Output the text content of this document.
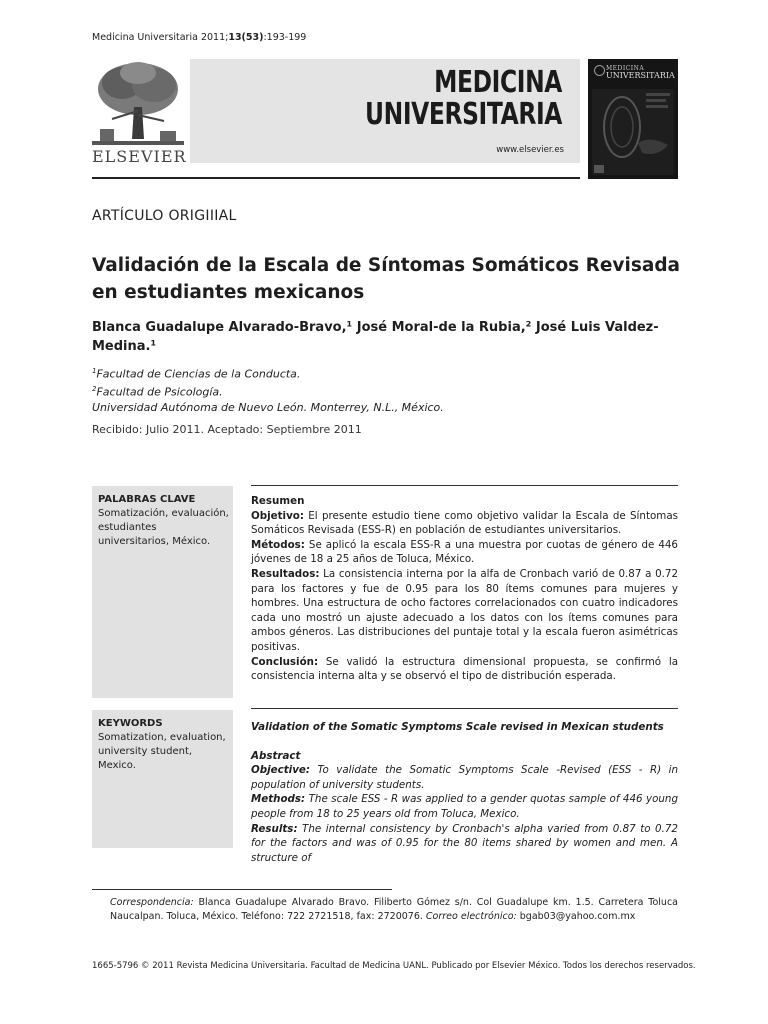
Medicina Universitaria 2011;13(53):193-199
ELSEVIER
MEDICINA
UNIVERSITARIA
www.elsevier.es
MEDICINA
UNIVERSITARIA
ARTÍCULO ORIGIIIAL
Validación de la Escala de Síntomas Somáticos Revisada en estudiantes mexicanos
Blanca Guadalupe Alvarado-Bravo,¹ José Moral-de la Rubia,² José Luis Valdez-Medina.¹
$^1$Facultad de Ciencias de la Conducta.
$^2$Facultad de Psicología.
Universidad Autónoma de Nuevo León. Monterrey, N.L., México.
Recibido: Julio 2011. Aceptado: Septiembre 2011
PALABRAS CLAVE
Somatización, evaluación, estudiantes universitarios, México.
Resumen
Objetivo: El presente estudio tiene como objetivo validar la Escala de Síntomas Somáticos Revisada (ESS-R) en población de estudiantes universitarios.
Métodos: Se aplicó la escala ESS-R a una muestra por cuotas de género de 446 jóvenes de 18 a 25 años de Toluca, México.
Resultados: La consistencia interna por la alfa de Cronbach varió de 0.87 a 0.72 para los factores y fue de 0.95 para los 80 ítems comunes para mujeres y hombres. Una estructura de ocho factores correlacionados con cuatro indicadores cada uno mostró un ajuste adecuado a los datos con los ítems comunes para ambos géneros. Las distribuciones del puntaje total y la escala fueron asimétricas positivas.
Conclusión: Se validó la estructura dimensional propuesta, se confirmó la consistencia interna alta y se observó el tipo de distribución esperada.
KEYWORDS
Somatization, evaluation, university student, Mexico.
Validation of the Somatic Symptoms Scale revised in Mexican students
Abstract
Objective: To validate the Somatic Symptoms Scale -Revised (ESS - R) in population of university students.
Methods: The scale ESS - R was applied to a gender quotas sample of 446 young people from 18 to 25 years old from Toluca, Mexico.
Results: The internal consistency by Cronbach's alpha varied from 0.87 to 0.72 for the factors and was of 0.95 for the 80 items shared by women and men. A structure of
Correspondencia: Blanca Guadalupe Alvarado Bravo. Filiberto Gómez s/n. Col Guadalupe km. 1.5. Carretera Toluca Naucalpan. Toluca, México. Teléfono: 722 2721518, fax: 2720076. Correo electrónico: bgab03@yahoo.com.mx
1665-5796 © 2011 Revista Medicina Universitaria. Facultad de Medicina UANL. Publicado por Elsevier México. Todos los derechos reservados.
